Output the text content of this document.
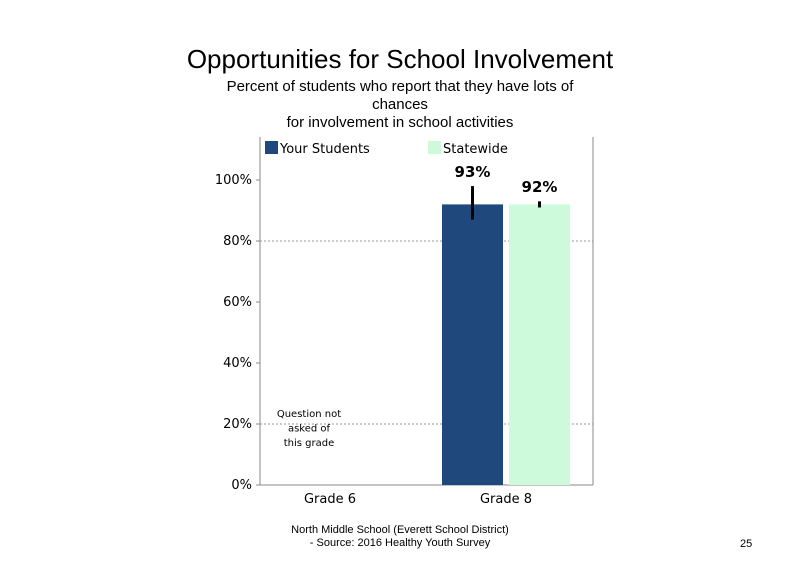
Opportunities for School Involvement
Percent of students who report that they have lots of
chances
for involvement in school activities
0%
20%
40%
60%
80%
100%
Grade 6	Grade 8
93%
92%
Question not
asked of
this grade
Your Students	Statewide
North Middle School (Everett School District)
- Source: 2016 Healthy Youth Survey	25
